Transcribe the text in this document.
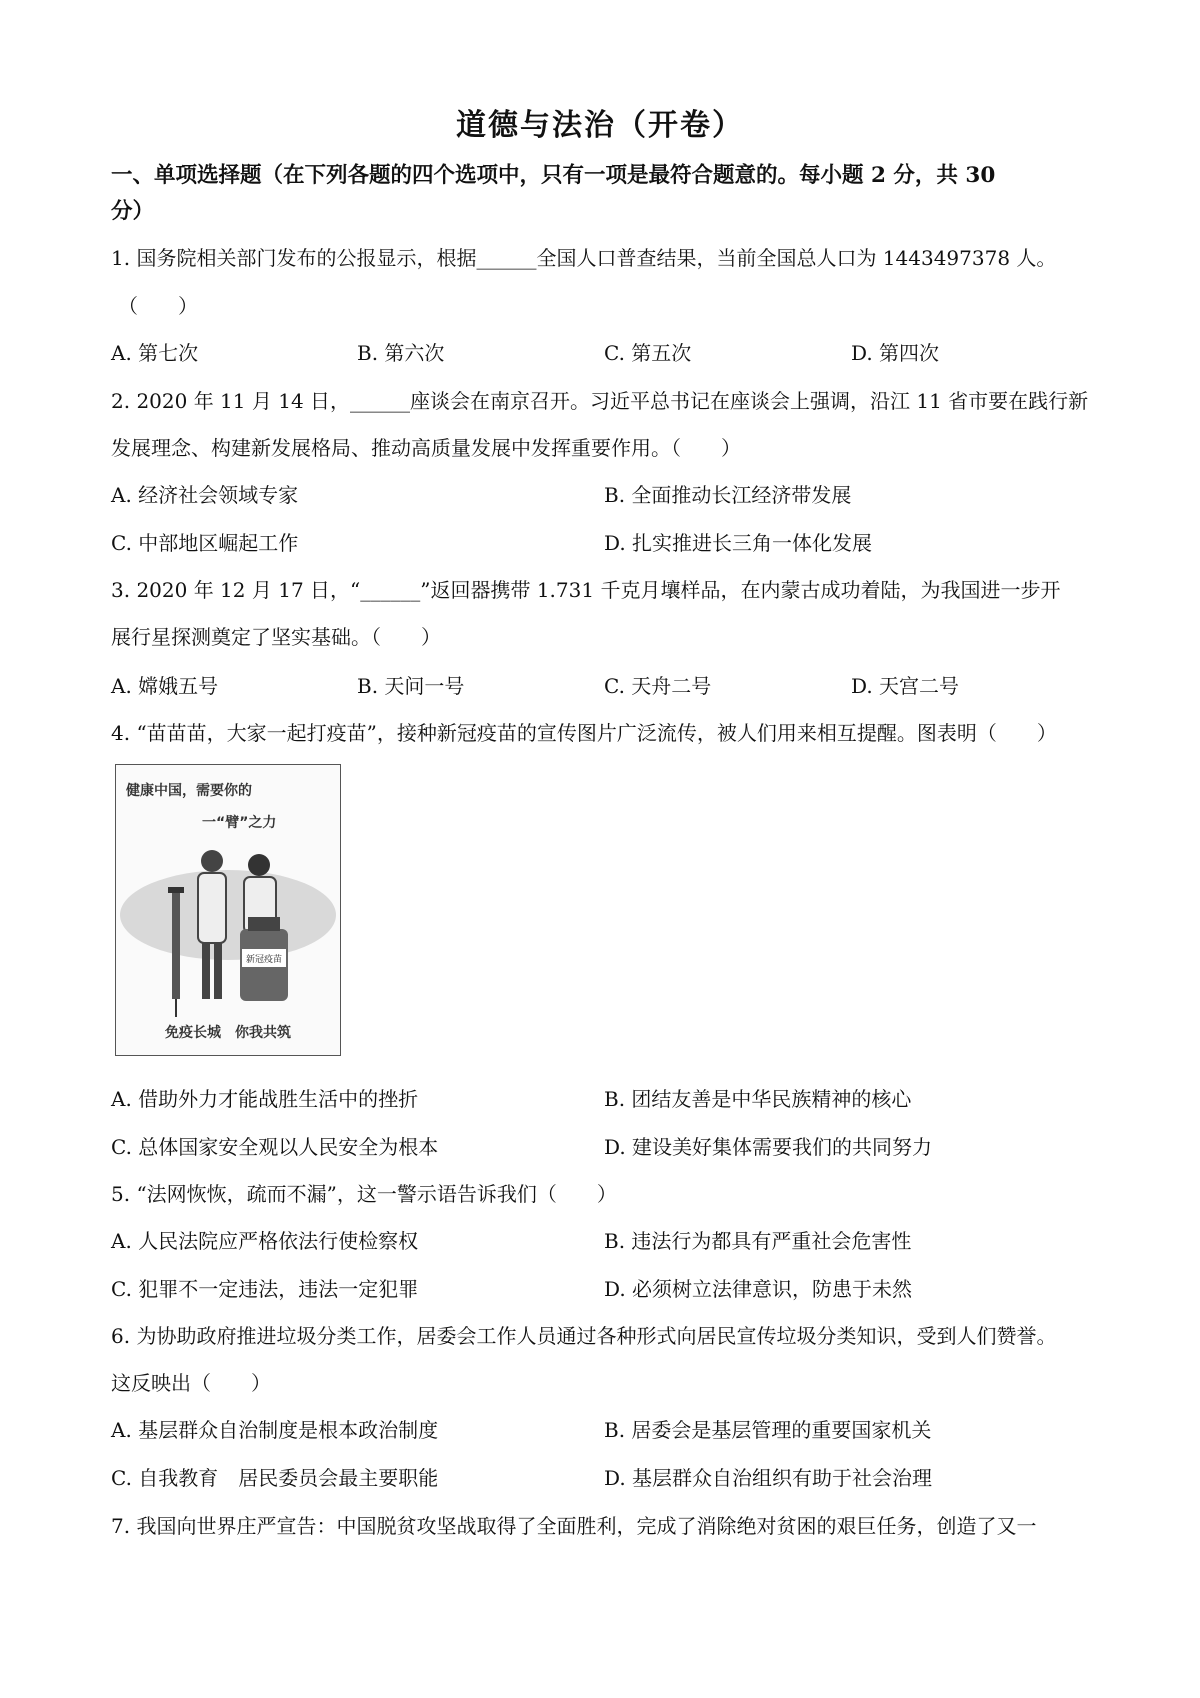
道德与法治（开卷）
一、单项选择题（在下列各题的四个选项中，只有一项是最符合题意的。每小题 2 分，共 30
分）
1. 国务院相关部门发布的公报显示，根据______全国人口普查结果，当前全国总人口为 1443497378 人。
（　　）
A. 第七次	B. 第六次	C. 第五次	D. 第四次
2. 2020 年 11 月 14 日，______座谈会在南京召开。习近平总书记在座谈会上强调，沿江 11 省市要在践行新
发展理念、构建新发展格局、推动高质量发展中发挥重要作用。（　　）
A. 经济社会领域专家	B. 全面推动长江经济带发展
C. 中部地区崛起工作	D. 扎实推进长三角一体化发展
3. 2020 年 12 月 17 日，“______”返回器携带 1.731 千克月壤样品，在内蒙古成功着陆，为我国进一步开
展行星探测奠定了坚实基础。（　　）
A. 嫦娥五号	B. 天问一号	C. 天舟二号	D. 天宫二号
4. “苗苗苗，大家一起打疫苗”，接种新冠疫苗的宣传图片广泛流传，被人们用来相互提醒。图表明（　　）
新冠疫苗
健康中国，需要你的
一“臂”之力
免疫长城　你我共筑
A. 借助外力才能战胜生活中的挫折	B. 团结友善是中华民族精神的核心
C. 总体国家安全观以人民安全为根本	D. 建设美好集体需要我们的共同努力
5. “法网恢恢，疏而不漏”，这一警示语告诉我们（　　）
A. 人民法院应严格依法行使检察权	B. 违法行为都具有严重社会危害性
C. 犯罪不一定违法，违法一定犯罪	D. 必须树立法律意识，防患于未然
6. 为协助政府推进垃圾分类工作，居委会工作人员通过各种形式向居民宣传垃圾分类知识，受到人们赞誉。
这反映出（　　）
A. 基层群众自治制度是根本政治制度	B. 居委会是基层管理的重要国家机关
C. 自我教育　居民委员会最主要职能	D. 基层群众自治组织有助于社会治理
7. 我国向世界庄严宣告：中国脱贫攻坚战取得了全面胜利，完成了消除绝对贫困的艰巨任务，创造了又一
